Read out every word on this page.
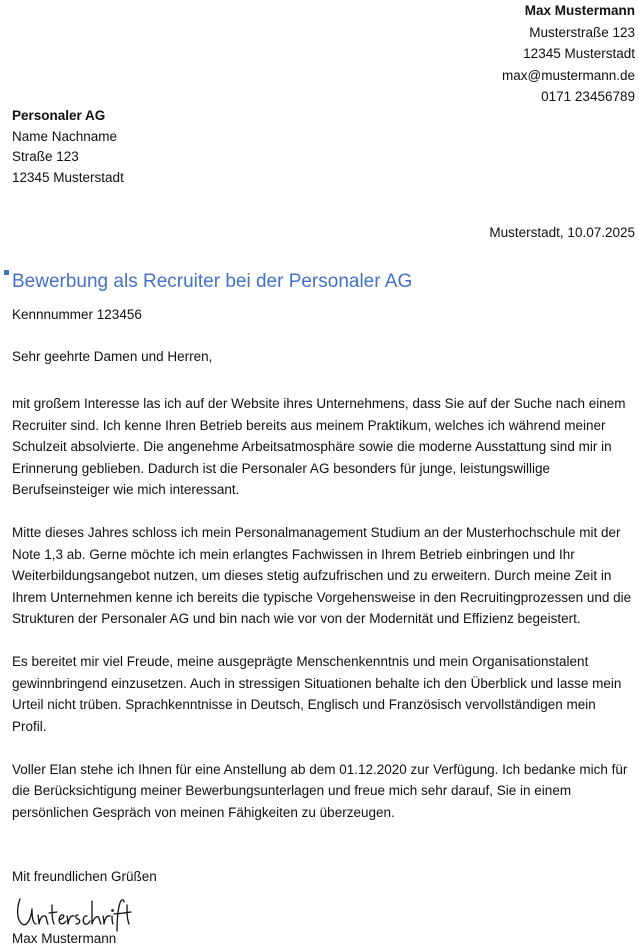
Max Mustermann
Musterstraße 123
12345 Musterstadt
max@mustermann.de
0171 23456789
Personaler AG
Name Nachname
Straße 123
12345 Musterstadt
Musterstadt, 10.07.2025
Bewerbung als Recruiter bei der Personaler AG
Kennnummer 123456
Sehr geehrte Damen und Herren,

mit großem Interesse las ich auf der Website ihres Unternehmens, dass Sie auf der Suche nach einem Recruiter sind. Ich kenne Ihren Betrieb bereits aus meinem Praktikum, welches ich während meiner Schulzeit absolvierte. Die angenehme Arbeitsatmosphäre sowie die moderne Ausstattung sind mir in Erinnerung geblieben. Dadurch ist die Personaler AG besonders für junge, leistungswillige Berufseinsteiger wie mich interessant.

Mitte dieses Jahres schloss ich mein Personalmanagement Studium an der Musterhochschule mit der Note 1,3 ab. Gerne möchte ich mein erlangtes Fachwissen in Ihrem Betrieb einbringen und Ihr Weiterbildungsangebot nutzen, um dieses stetig aufzufrischen und zu erweitern. Durch meine Zeit in Ihrem Unternehmen kenne ich bereits die typische Vorgehensweise in den Recruitingprozessen und die Strukturen der Personaler AG und bin nach wie vor von der Modernität und Effizienz begeistert.

Es bereitet mir viel Freude, meine ausgeprägte Menschenkenntnis und mein Organisationstalent gewinnbringend einzusetzen. Auch in stressigen Situationen behalte ich den Überblick und lasse mein Urteil nicht trüben. Sprachkenntnisse in Deutsch, Englisch und Französisch vervollständigen mein Profil.

Voller Elan stehe ich Ihnen für eine Anstellung ab dem 01.12.2020 zur Verfügung. Ich bedanke mich für die Berücksichtigung meiner Bewerbungsunterlagen und freue mich sehr darauf, Sie in einem persönlichen Gespräch von meinen Fähigkeiten zu überzeugen.

Mit freundlichen Grüßen
Max Mustermann
